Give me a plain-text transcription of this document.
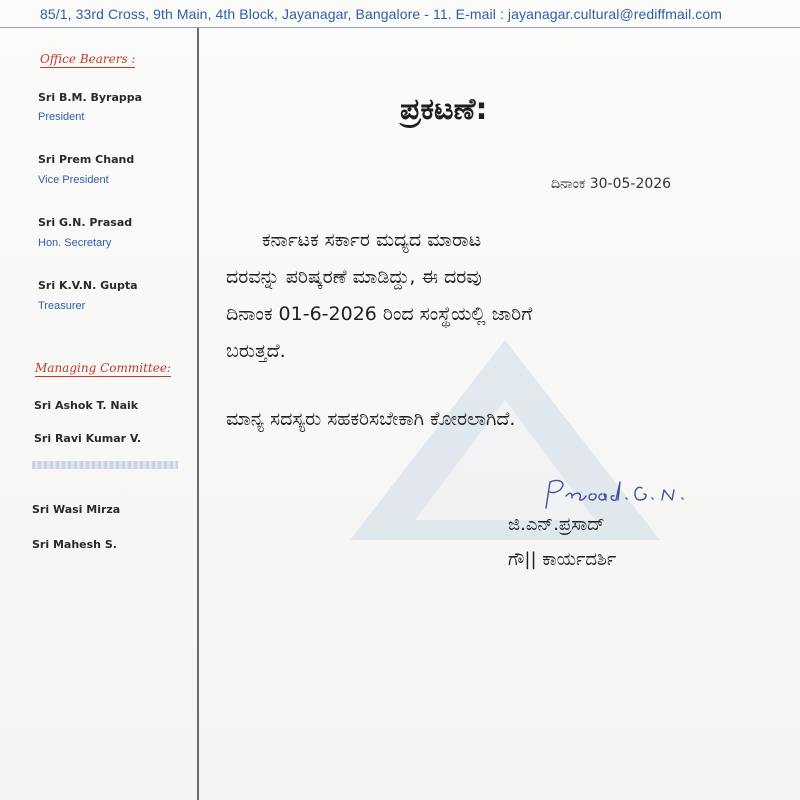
85/1, 33rd Cross, 9th Main, 4th Block, Jayanagar, Bangalore - 11. E-mail : jayanagar.cultural@rediffmail.com
Office Bearers :
Sri B.M. Byrappa
President
Sri Prem Chand
Vice President
Sri G.N. Prasad
Hon. Secretary
Sri K.V.N. Gupta
Treasurer
Managing Committee:
Sri Ashok T. Naik
Sri Ravi Kumar V.
Sri Wasi Mirza
Sri Mahesh S.
ಪ್ರಕಟಣೆ:
ದಿನಾಂಕ 30-05-2026
ಕರ್ನಾಟಕ ಸರ್ಕಾರ ಮದ್ಯದ ಮಾರಾಟ
ದರವನ್ನು ಪರಿಷ್ಕರಣೆ ಮಾಡಿದ್ದು, ಈ ದರವು
ದಿನಾಂಕ 01-6-2026 ರಿಂದ ಸಂಸ್ಥೆಯಲ್ಲಿ ಜಾರಿಗೆ
ಬರುತ್ತದೆ.
ಮಾನ್ಯ ಸದಸ್ಯರು ಸಹಕರಿಸಬೇಕಾಗಿ ಕೋರಲಾಗಿದೆ.
ಜಿ.ಎನ್.ಪ್ರಸಾದ್
ಗೌ|| ಕಾರ್ಯದರ್ಶಿ
